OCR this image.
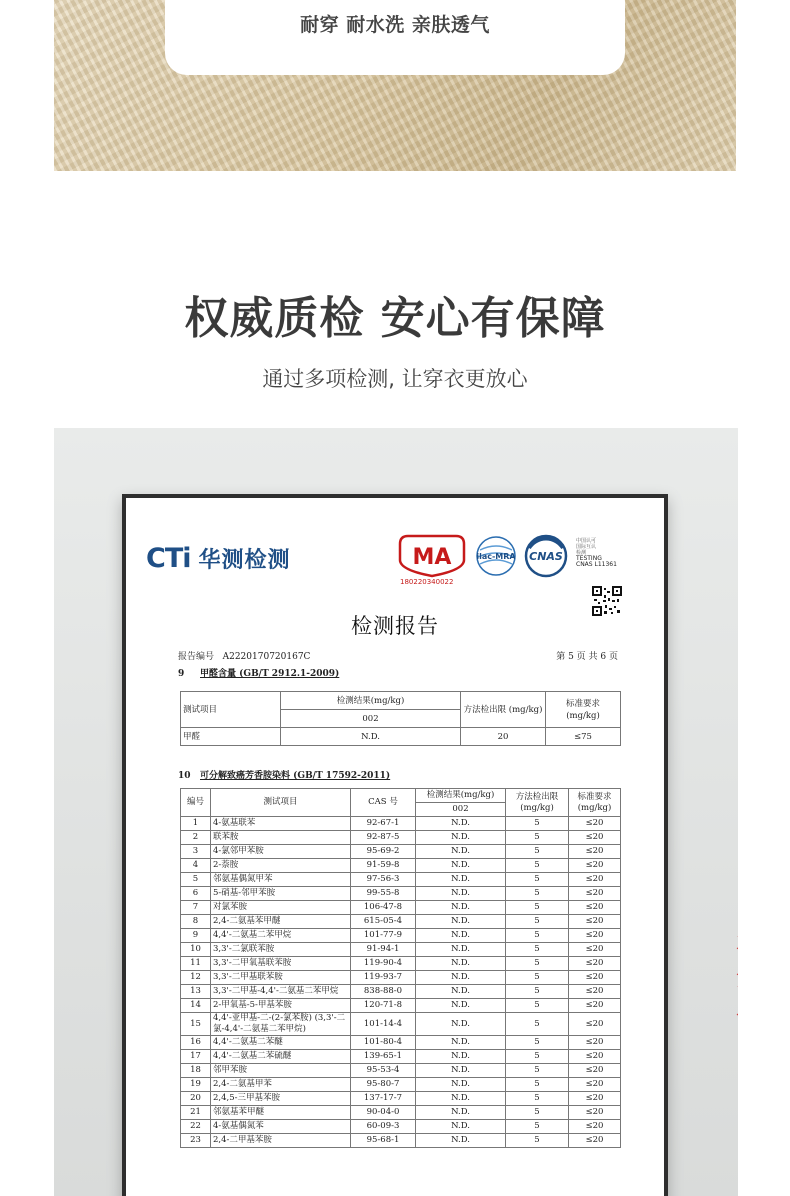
耐穿 耐水洗 亲肤透气
权威质检 安心有保障
通过多项检测, 让穿衣更放心
CTi 华测检测	MA	ilac-MRA CNAS
180220340022
中国认可
国际互认
检测
TESTING
CNAS L11361
检测报告
报告编号 A2220170720167C	第 5 页 共 6 页
9 甲醛含量 (GB/T 2912.1-2009)
测试项目	检测结果(mg/kg)	方法检出限 (mg/kg)	标准要求 (mg/kg)
	002		
甲醛	N.D.	20	≤75
10 可分解致癌芳香胺染料 (GB/T 17592-2011)
编号	测试项目	CAS 号	检测结果(mg/kg)	方法检出限 (mg/kg)	标准要求 (mg/kg)
			002		
1	4-氨基联苯	92-67-1	N.D.	5	≤20
2	联苯胺	92-87-5	N.D.	5	≤20
3	4-氯邻甲苯胺	95-69-2	N.D.	5	≤20
4	2-萘胺	91-59-8	N.D.	5	≤20
5	邻氨基偶氮甲苯	97-56-3	N.D.	5	≤20
6	5-硝基-邻甲苯胺	99-55-8	N.D.	5	≤20
7	对氯苯胺	106-47-8	N.D.	5	≤20
8	2,4-二氨基苯甲醚	615-05-4	N.D.	5	≤20
9	4,4'-二氨基二苯甲烷	101-77-9	N.D.	5	≤20
10	3,3'-二氯联苯胺	91-94-1	N.D.	5	≤20
11	3,3'-二甲氧基联苯胺	119-90-4	N.D.	5	≤20
12	3,3'-二甲基联苯胺	119-93-7	N.D.	5	≤20
13	3,3'-二甲基-4,4'-二氨基二苯甲烷	838-88-0	N.D.	5	≤20
14	2-甲氧基-5-甲基苯胺	120-71-8	N.D.	5	≤20
15	4,4'-亚甲基-二-(2-氯苯胺) (3,3'-二氯-4,4'-二氨基二苯甲烷)	101-14-4	N.D.	5	≤20
16	4,4'-二氨基二苯醚	101-80-4	N.D.	5	≤20
17	4,4'-二氨基二苯硫醚	139-65-1	N.D.	5	≤20
18	邻甲苯胺	95-53-4	N.D.	5	≤20
19	2,4-二氨基甲苯	95-80-7	N.D.	5	≤20
20	2,4,5-三甲基苯胺	137-17-7	N.D.	5	≤20
21	邻氨基苯甲醚	90-04-0	N.D.	5	≤20
22	4-氨基偶氮苯	60-09-3	N.D.	5	≤20
23	2,4-二甲基苯胺	95-68-1	N.D.	5	≤20
